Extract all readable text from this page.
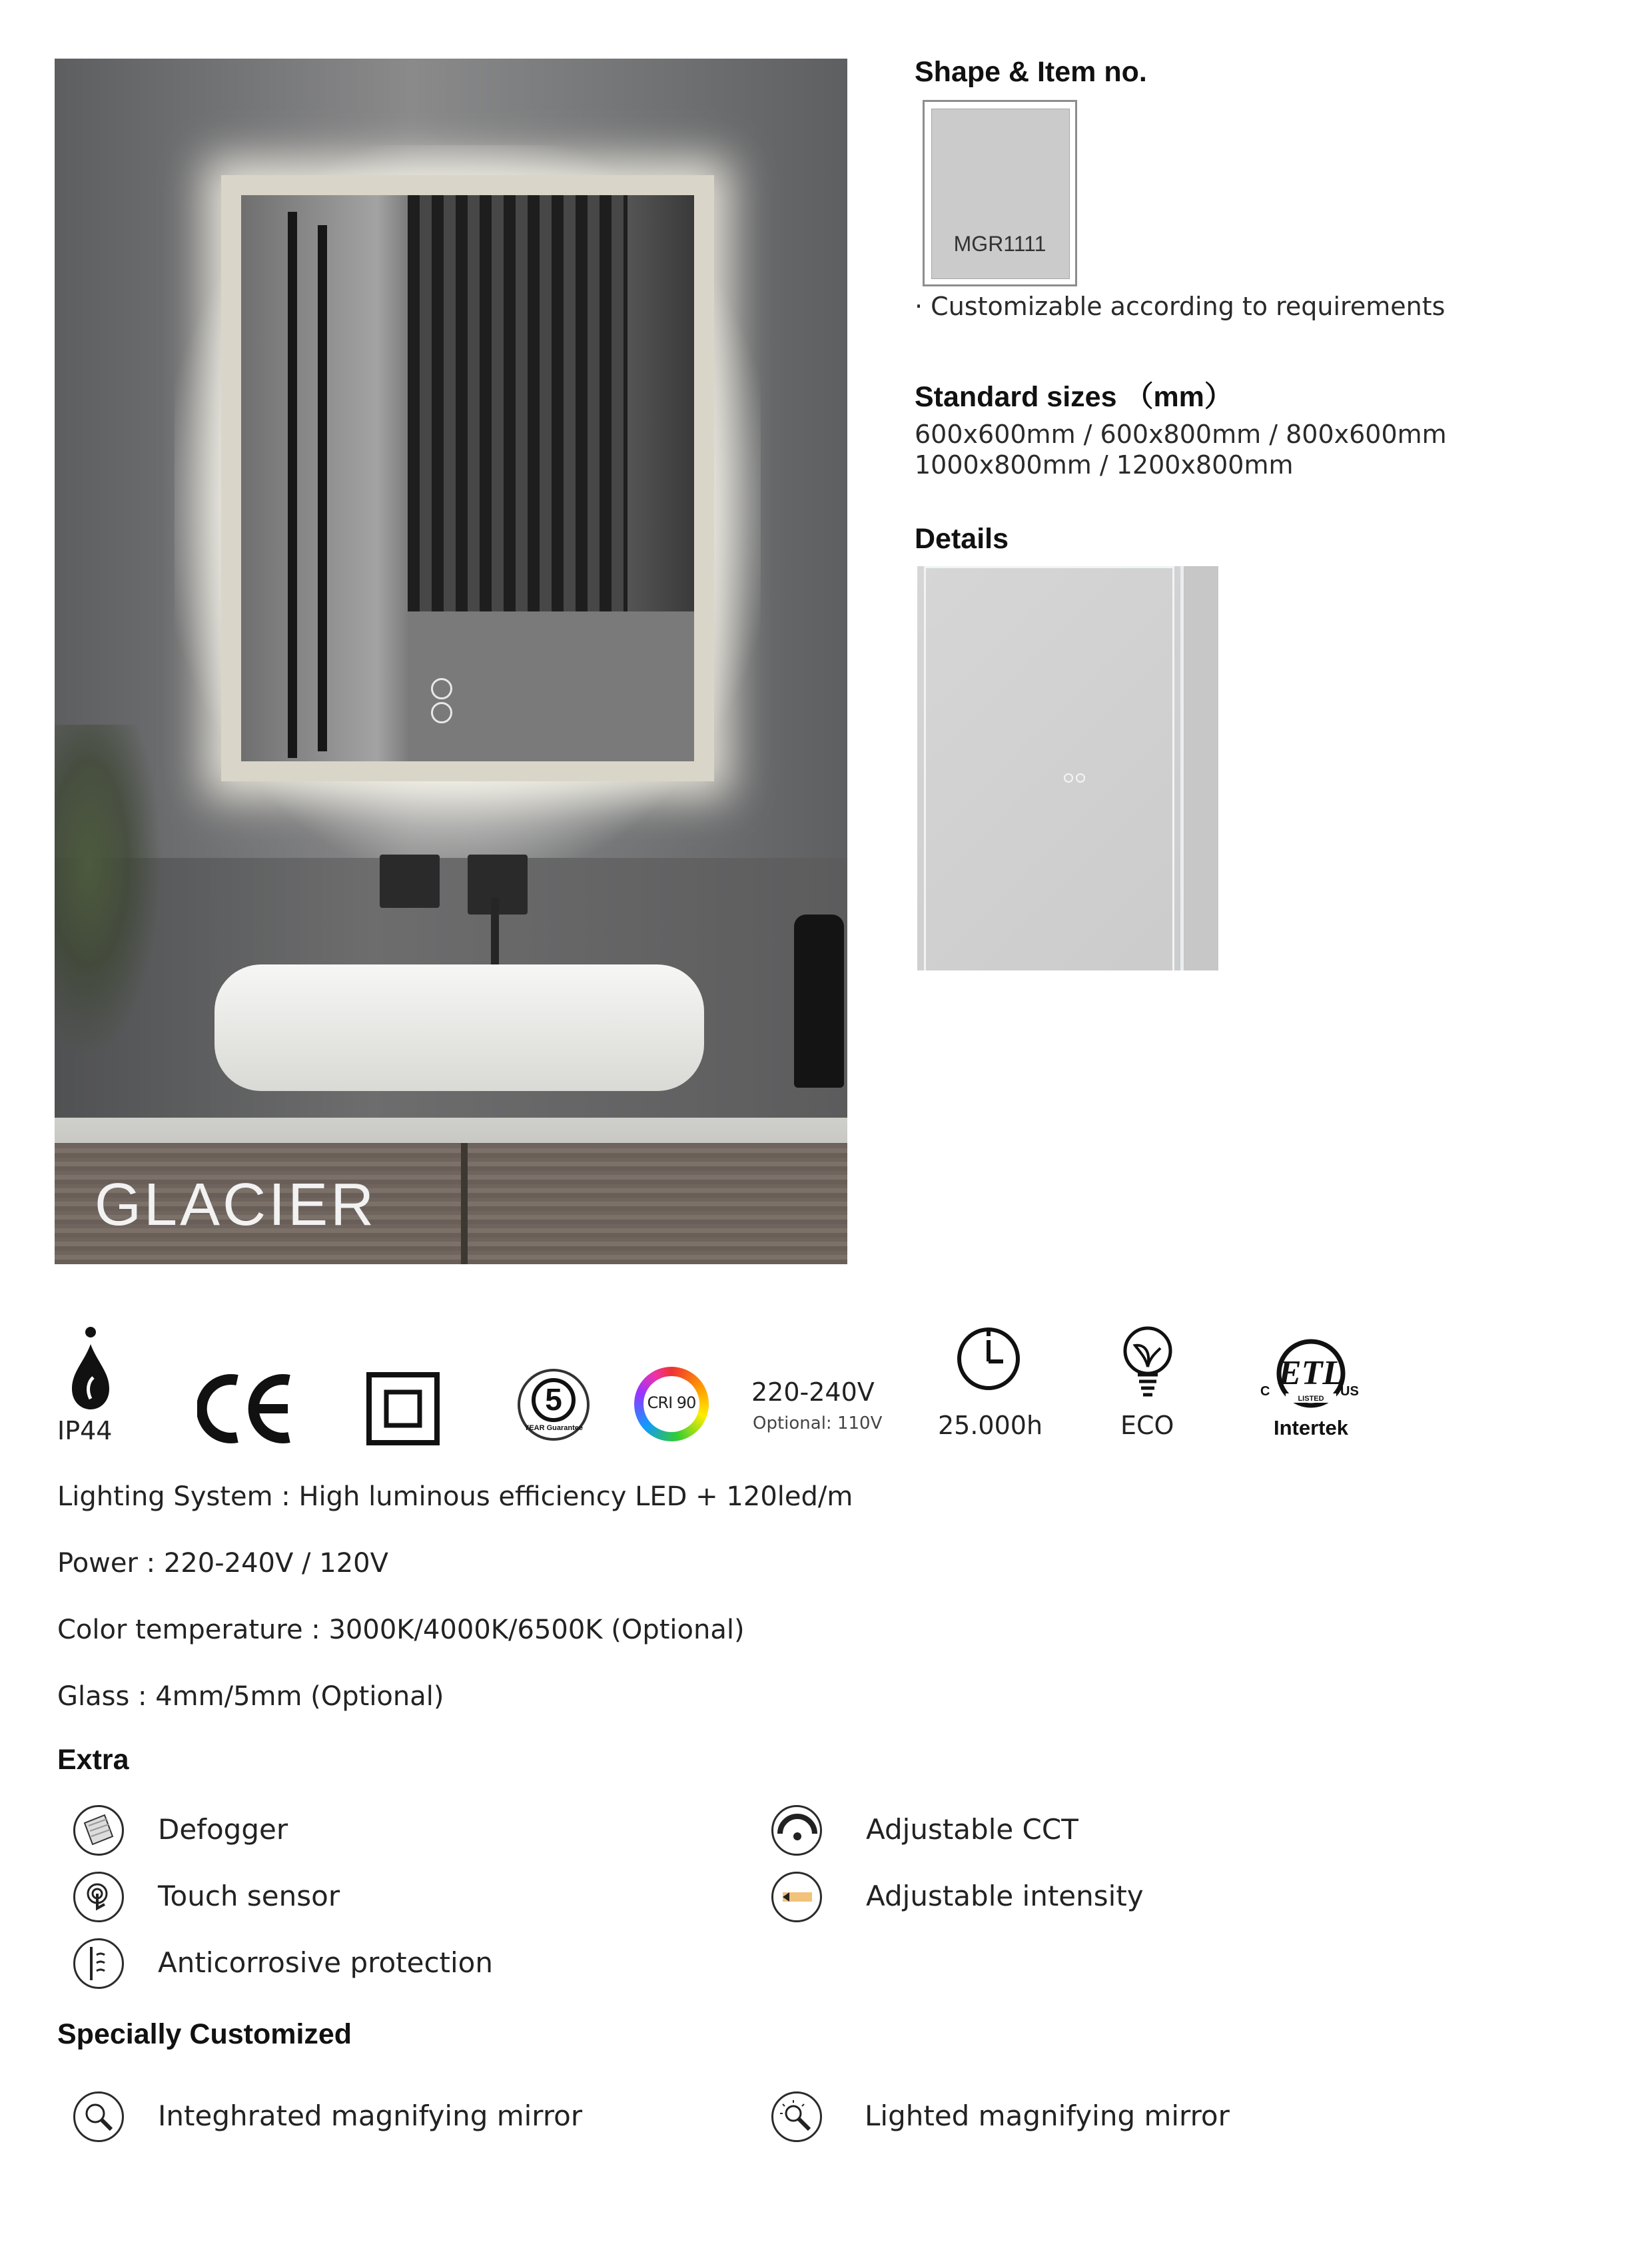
GLACIER
Shape & Item no.
MGR1111
· Customizable according to requirements
Standard sizes （mm）
600x600mm / 600x800mm / 800x600mm
1000x800mm / 1200x800mm
Details
IP44
5
YEAR Guarantee
CRI 90	220-240V
Optional: 110V 25.000h	ECO
ETL
C	US
LISTED
Intertek
Lighting System : High luminous efficiency LED + 120led/m
Power : 220-240V / 120V
Color temperature : 3000K/4000K/6500K (Optional)
Glass : 4mm/5mm (Optional)
Extra
Defogger
Touch sensor
Anticorrosive protection
Adjustable CCT
Adjustable intensity
Specially Customized
Integhrated magnifying mirror	Lighted magnifying mirror
